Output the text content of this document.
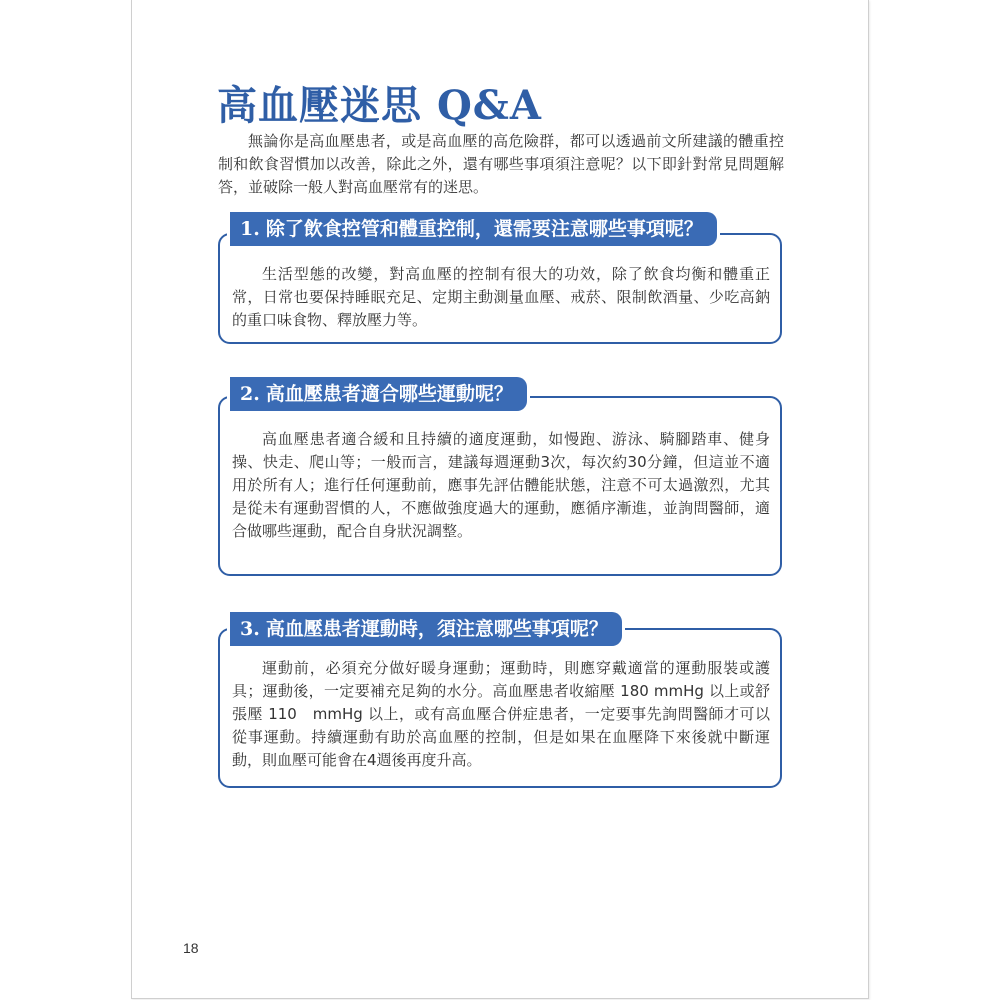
高血壓迷思 Q&A

無論你是高血壓患者，或是高血壓的高危險群，都可以透過前文所建議的體重控制和飲食習慣加以改善，除此之外，還有哪些事項須注意呢？以下即針對常見問題解答，並破除一般人對高血壓常有的迷思。

1. 除了飲食控管和體重控制，還需要注意哪些事項呢？

生活型態的改變，對高血壓的控制有很大的功效，除了飲食均衡和體重正常，日常也要保持睡眠充足、定期主動測量血壓、戒菸、限制飲酒量、少吃高鈉的重口味食物、釋放壓力等。

2. 高血壓患者適合哪些運動呢？

高血壓患者適合緩和且持續的適度運動，如慢跑、游泳、騎腳踏車、健身操、快走、爬山等；一般而言，建議每週運動3次，每次約30分鐘，但這並不適用於所有人；進行任何運動前，應事先評估體能狀態，注意不可太過激烈，尤其是從未有運動習慣的人，不應做強度過大的運動，應循序漸進，並詢問醫師，適合做哪些運動，配合自身狀況調整。

3. 高血壓患者運動時，須注意哪些事項呢？

運動前，必須充分做好暖身運動；運動時，則應穿戴適當的運動服裝或護具；運動後，一定要補充足夠的水分。高血壓患者收縮壓 180 mmHg 以上或舒張壓 110　mmHg 以上，或有高血壓合併症患者，一定要事先詢問醫師才可以從事運動。持續運動有助於高血壓的控制，但是如果在血壓降下來後就中斷運動，則血壓可能會在4週後再度升高。

18
